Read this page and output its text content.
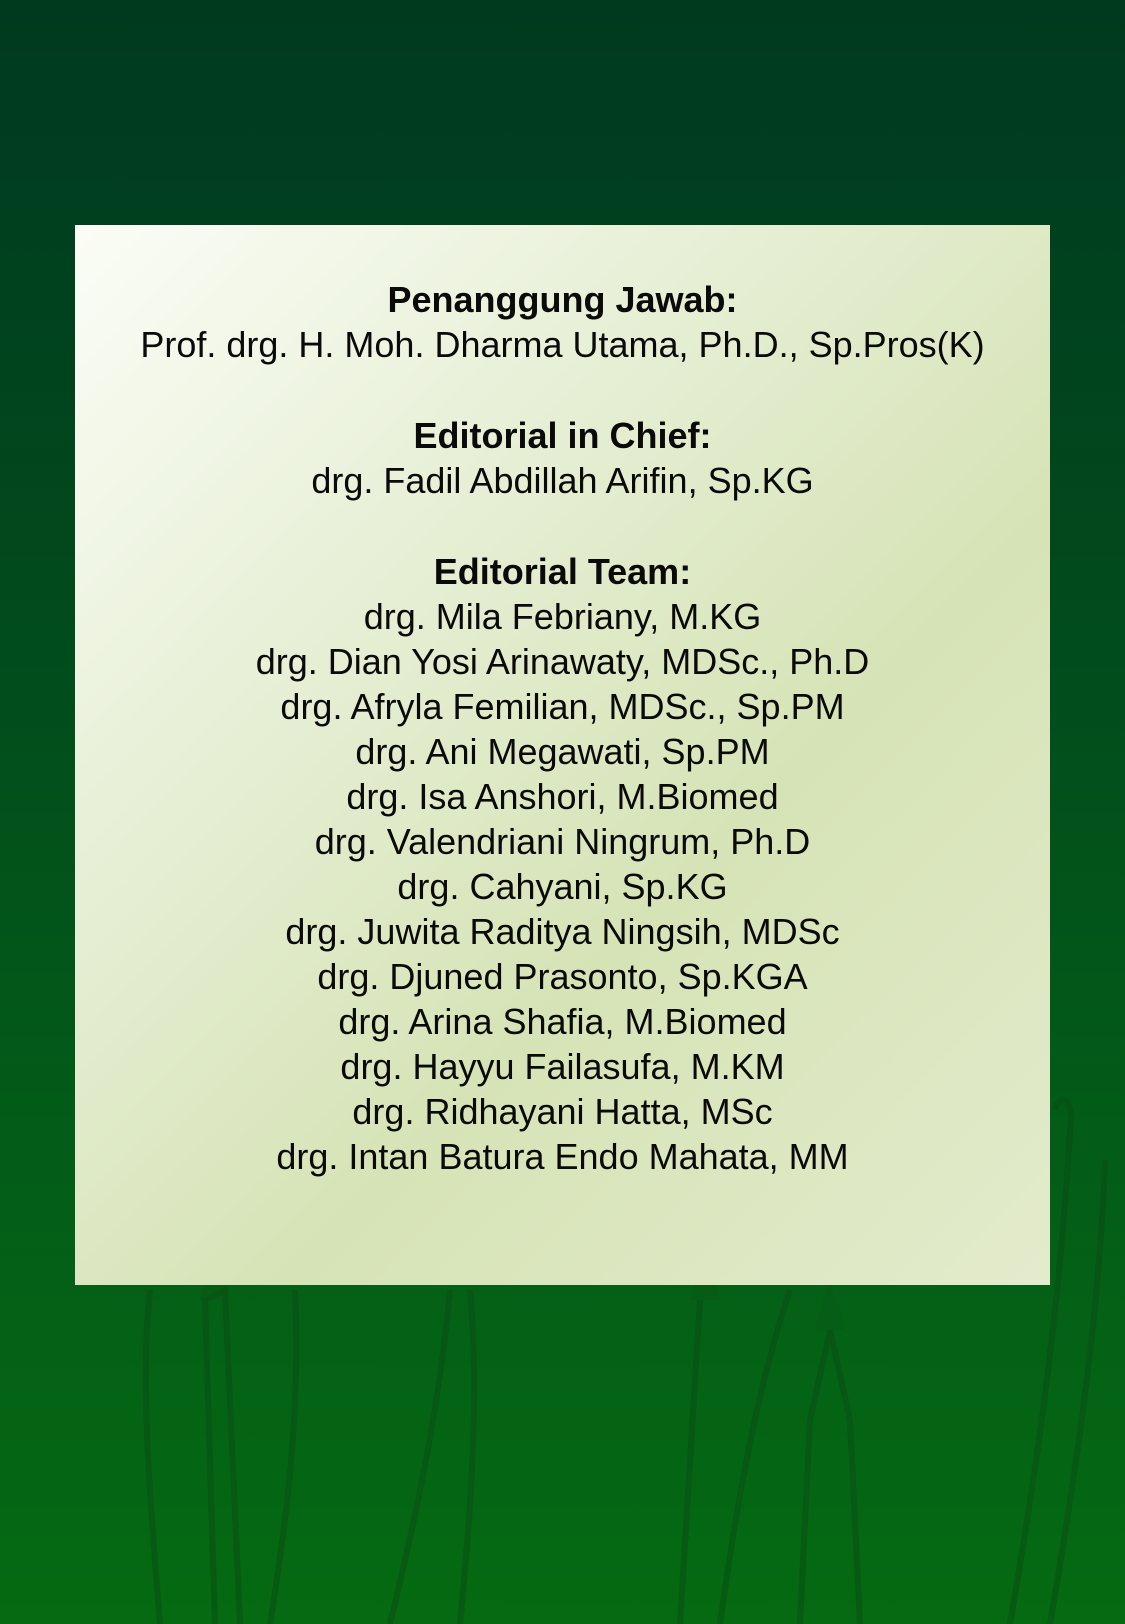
Penanggung Jawab:
Prof. drg. H. Moh. Dharma Utama, Ph.D., Sp.Pros(K)
Editorial in Chief:
drg. Fadil Abdillah Arifin, Sp.KG
Editorial Team:
drg. Mila Febriany, M.KG
drg. Dian Yosi Arinawaty, MDSc., Ph.D
drg. Afryla Femilian, MDSc., Sp.PM
drg. Ani Megawati, Sp.PM
drg. Isa Anshori, M.Biomed
drg. Valendriani Ningrum, Ph.D
drg. Cahyani, Sp.KG
drg. Juwita Raditya Ningsih, MDSc
drg. Djuned Prasonto, Sp.KGA
drg. Arina Shafia, M.Biomed
drg. Hayyu Failasufa, M.KM
drg. Ridhayani Hatta, MSc
drg. Intan Batura Endo Mahata, MM
